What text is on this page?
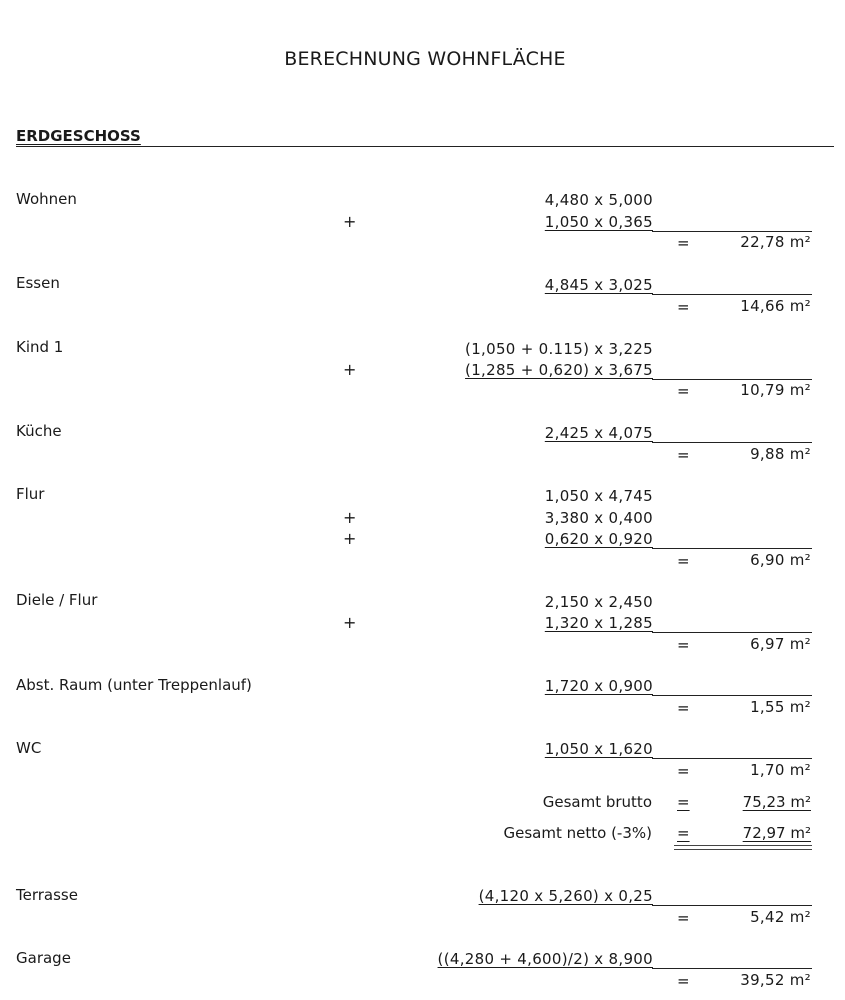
BERECHNUNG WOHNFLÄCHE
ERDGESCHOSS
Wohnen	4,480 x 5,000
+	1,050 x 0,365
=	22,78 m²
Essen	4,845 x 3,025
=	14,66 m²
Kind 1	(1,050 + 0.115) x 3,225
+	(1,285 + 0,620) x 3,675
=	10,79 m²
Küche	2,425 x 4,075
=	9,88 m²
Flur	1,050 x 4,745
+	3,380 x 0,400
+	0,620 x 0,920
=	6,90 m²
Diele / Flur	2,150 x 2,450
+	1,320 x 1,285
=	6,97 m²
Abst. Raum (unter Treppenlauf)	1,720 x 0,900
=	1,55 m²
WC	1,050 x 1,620
=	1,70 m²
Gesamt brutto =	75,23 m²
Gesamt netto (-3%) =	72,97 m²
Terrasse	(4,120 x 5,260) x 0,25
=	5,42 m²
Garage	((4,280 + 4,600)/2) x 8,900
=	39,52 m²
